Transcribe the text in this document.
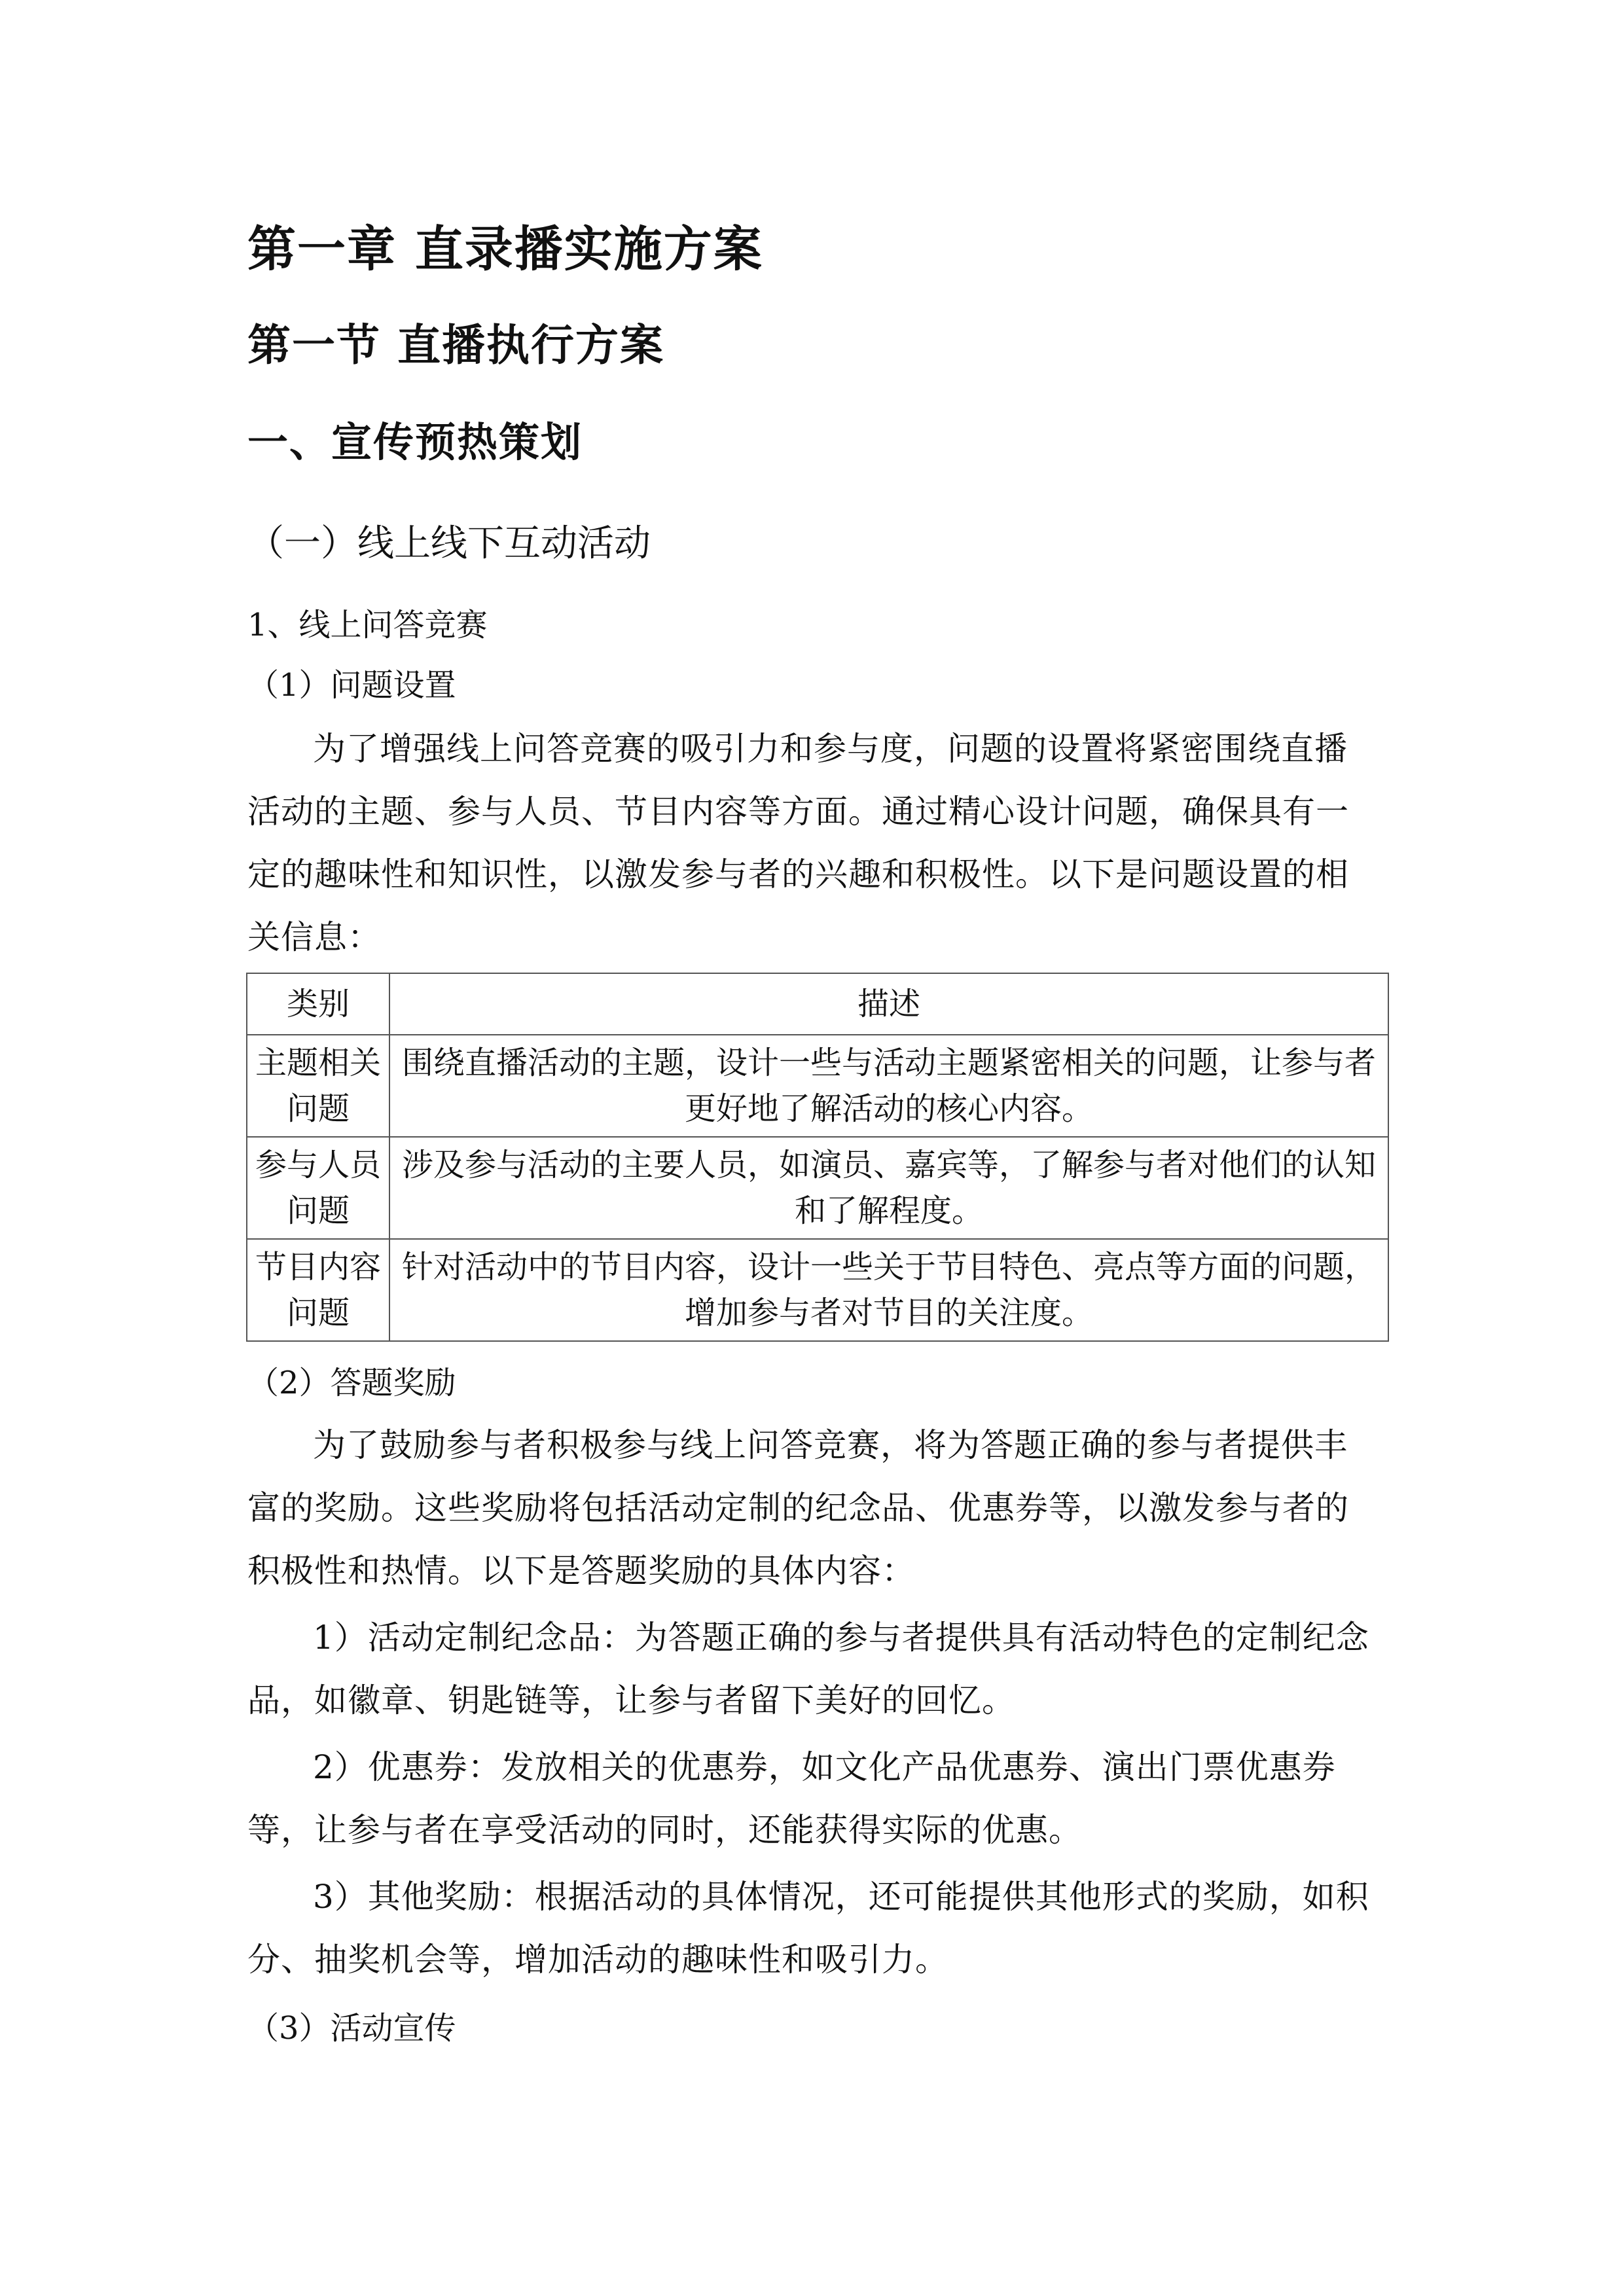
第一章 直录播实施方案
第一节 直播执行方案
一、宣传预热策划
（一）线上线下互动活动
1、线上问答竞赛
（1）问题设置
为了增强线上问答竞赛的吸引力和参与度，问题的设置将紧密围绕直播活动的主题、参与人员、节目内容等方面。通过精心设计问题，确保具有一定的趣味性和知识性，以激发参与者的兴趣和积极性。以下是问题设置的相关信息：
类别	描述
主题相关问题	围绕直播活动的主题，设计一些与活动主题紧密相关的问题，让参与者更好地了解活动的核心内容。
参与人员问题	涉及参与活动的主要人员，如演员、嘉宾等，了解参与者对他们的认知和了解程度。
节目内容问题	针对活动中的节目内容，设计一些关于节目特色、亮点等方面的问题，增加参与者对节目的关注度。
（2）答题奖励
为了鼓励参与者积极参与线上问答竞赛，将为答题正确的参与者提供丰富的奖励。这些奖励将包括活动定制的纪念品、优惠券等，以激发参与者的积极性和热情。以下是答题奖励的具体内容：
1）活动定制纪念品：为答题正确的参与者提供具有活动特色的定制纪念品，如徽章、钥匙链等，让参与者留下美好的回忆。
2）优惠券：发放相关的优惠券，如文化产品优惠券、演出门票优惠券等，让参与者在享受活动的同时，还能获得实际的优惠。
3）其他奖励：根据活动的具体情况，还可能提供其他形式的奖励，如积分、抽奖机会等，增加活动的趣味性和吸引力。
（3）活动宣传
